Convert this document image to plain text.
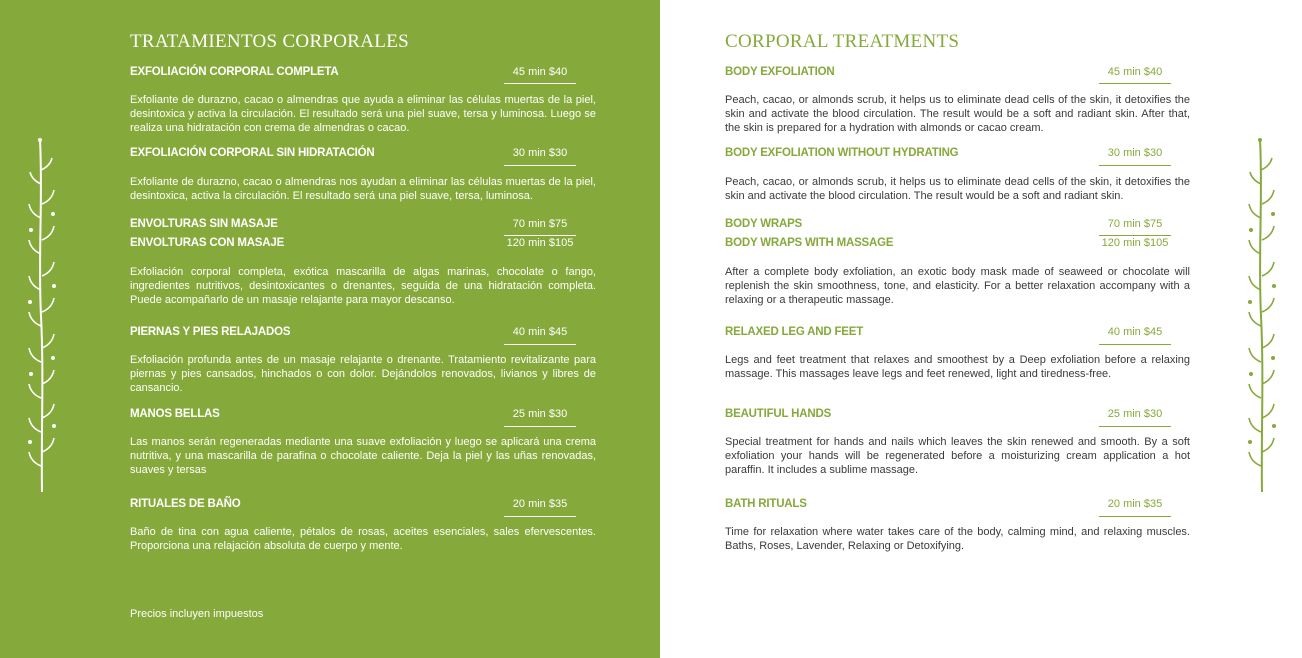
TRATAMIENTOS CORPORALES
EXFOLIACIÓN CORPORAL COMPLETA	45 min $40
Exfoliante de durazno, cacao o almendras que ayuda a eliminar las células muertas de la piel, desintoxica y activa la circulación. El resultado será una piel suave, tersa y luminosa. Luego se realiza una hidratación con crema de almendras o cacao.
EXFOLIACIÓN CORPORAL SIN HIDRATACIÓN	30 min $30
Exfoliante de durazno, cacao o almendras nos ayudan a eliminar las células muertas de la piel, desintoxica, activa la circulación. El resultado será una piel suave, tersa, luminosa.
ENVOLTURAS SIN MASAJE	70 min $75
ENVOLTURAS CON MASAJE	120 min $105
Exfoliación corporal completa, exótica mascarilla de algas marinas, chocolate o fango, ingredientes nutritivos, desintoxicantes o drenantes, seguida de una hidratación completa. Puede acompañarlo de un masaje relajante para mayor descanso.
PIERNAS Y PIES RELAJADOS	40 min $45
Exfoliación profunda antes de un masaje relajante o drenante. Tratamiento revitalizante para piernas y pies cansados, hinchados o con dolor. Dejándolos renovados, livianos y libres de cansancio.
MANOS BELLAS	25 min $30
Las manos serán regeneradas mediante una suave exfoliación y luego se aplicará una crema nutritiva, y una mascarilla de parafina o chocolate caliente. Deja la piel y las uñas renovadas, suaves y tersas
RITUALES DE BAÑO	20 min $35
Baño de tina con agua caliente, pétalos de rosas, aceites esenciales, sales efervescentes. Proporciona una relajación absoluta de cuerpo y mente.
Precios incluyen impuestos
CORPORAL TREATMENTS
BODY EXFOLIATION	45 min $40
Peach, cacao, or almonds scrub, it helps us to eliminate dead cells of the skin, it detoxifies the skin and activate the blood circulation. The result would be a soft and radiant skin. After that, the skin is prepared for a hydration with almonds or cacao cream.
BODY EXFOLIATION WITHOUT HYDRATING	30 min $30
Peach, cacao, or almonds scrub, it helps us to eliminate dead cells of the skin, it detoxifies the skin and activate the blood circulation. The result would be a soft and radiant skin.
BODY WRAPS	70 min $75
BODY WRAPS WITH MASSAGE	120 min $105
After a complete body exfoliation, an exotic body mask made of seaweed or chocolate will replenish the skin smoothness, tone, and elasticity. For a better relaxation accompany with a relaxing or a therapeutic massage.
RELAXED LEG AND FEET	40 min $45
Legs and feet treatment that relaxes and smoothest by a Deep exfoliation before a relaxing massage. This massages leave legs and feet renewed, light and tiredness-free.
BEAUTIFUL HANDS	25 min $30
Special treatment for hands and nails which leaves the skin renewed and smooth. By a soft exfoliation your hands will be regenerated before a moisturizing cream application a hot paraffin. It includes a sublime massage.
BATH RITUALS	20 min $35
Time for relaxation where water takes care of the body, calming mind, and relaxing muscles. Baths, Roses, Lavender, Relaxing or Detoxifying.
